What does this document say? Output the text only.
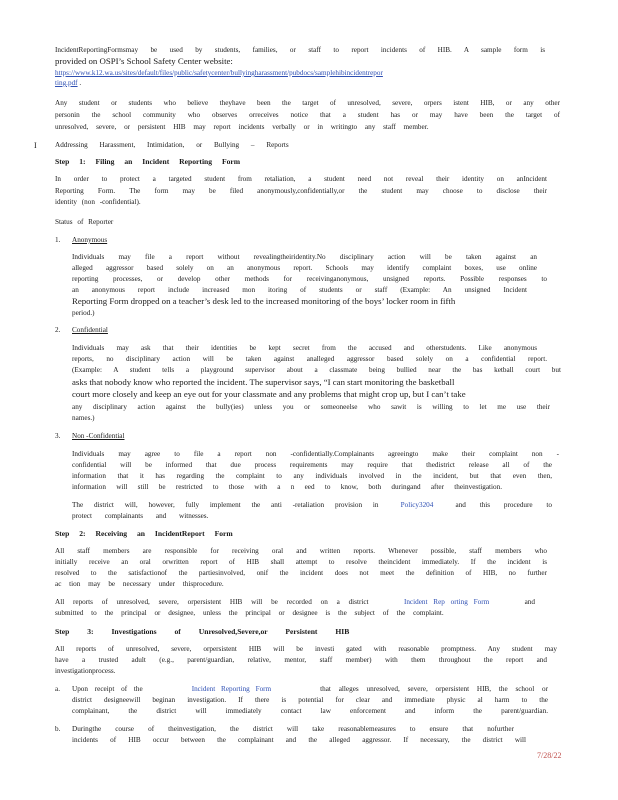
IncidentReportingFormsmay be used by students, families, or staff to report incidents of HIB. A sample form is
provided on OSPI’s School Safety Center website:
https://www.k12.wa.us/sites/default/files/public/safetycenter/bullyingharassment/pubdocs/samplehibincidentrepor
ting.pdf .
Any student or students who believe theyhave been the target of unresolved, severe, orpers istent HIB, or any other
personin the school community who observes orreceives notice that a student has or may have been the target of
unresolved, severe, or persistent HIB may report incidents verbally or in writingto any staff member.
I	Addressing Harassment, Intimidation, or Bullying – Reports
Step 1: Filing an Incident Reporting Form
In order to protect a targeted student from retaliation, a student need not reveal their identity on anIncident
Reporting Form. The form may be filed anonymously,confidentially,or the student may choose to disclose their
identity (non -confidential).
Status of Reporter
1. Anonymous
Individuals may file a report without revealingtheiridentity.No disciplinary action will be taken against an
alleged aggressor based solely on an anonymous report. Schools may identify complaint boxes, use online
reporting processes, or develop other methods for receivinganonymous, unsigned reports. Possible responses to
an anonymous report include increased mon itoring of students or staff (Example: An unsigned Incident
Reporting Form dropped on a teacher’s desk led to the increased monitoring of the boys’ locker room in fifth
period.)
2. Confidential
Individuals may ask that their identities be kept secret from the accused and otherstudents. Like anonymous
reports, no disciplinary action will be taken against analleged aggressor based solely on a confidential report.
(Example: A student tells a playground supervisor about a classmate being bullied near the bas ketball court but
asks that nobody know who reported the incident. The supervisor says, “I can start monitoring the basketball
court more closely and keep an eye out for your classmate and any problems that might crop up, but I can’t take
any disciplinary action against the bully(ies) unless you or someoneelse who sawit is willing to let me use their
names.)
3. Non -Confidential
Individuals may agree to file a report non -confidentially.Complainants agreeingto make their complaint non -
confidential will be informed that due process requirements may require that thedistrict release all of the
information that it has regarding the complaint to any individuals involved in the incident, but that even then,
information will still be restricted to those with a n eed to know, both duringand after theinvestigation.
The district will, however, fully implement the anti -retaliation provision in	Policy3204	and this procedure to
protect complainants and witnesses.
Step 2: Receiving an IncidentReport Form
All staff members are responsible for receiving oral and written reports. Whenever possible, staff members who
initially receive an oral orwritten report of HIB shall attempt to resolve theincident immediately. If the incident is
resolved to the satisfactionof the partiesinvolved, onif the incident does not meet the definition of HIB, no further
ac tion may be necessary under thisprocedure.
All reports of unresolved, severe, orpersistent HIB will be recorded on a district	Incident Rep orting Form	and
submitted to the principal or designee, unless the principal or designee is the subject of the complaint.
Step 3: Investigations of Unresolved,Severe,or Persistent HIB
All reports of unresolved, severe, orpersistent HIB will be investi gated with reasonable promptness. Any student may
have a trusted adult (e.g., parent/guardian, relative, mentor, staff member) with them throughout the report and
investigationprocess.
a. Upon receipt of the	Incident Reporting Form	that alleges unresolved, severe, orpersistent HIB, the school or
district designeewill beginan investigation. If there is potential for clear and immediate physic al harm to the
complainant, the district will immediately contact law enforcement and inform the parent/guardian.
b. Duringthe course of theinvestigation, the district will take reasonablemeasures to ensure that nofurther
incidents of HIB occur between the complainant and the alleged aggressor. If necessary, the district will
7/28/22
